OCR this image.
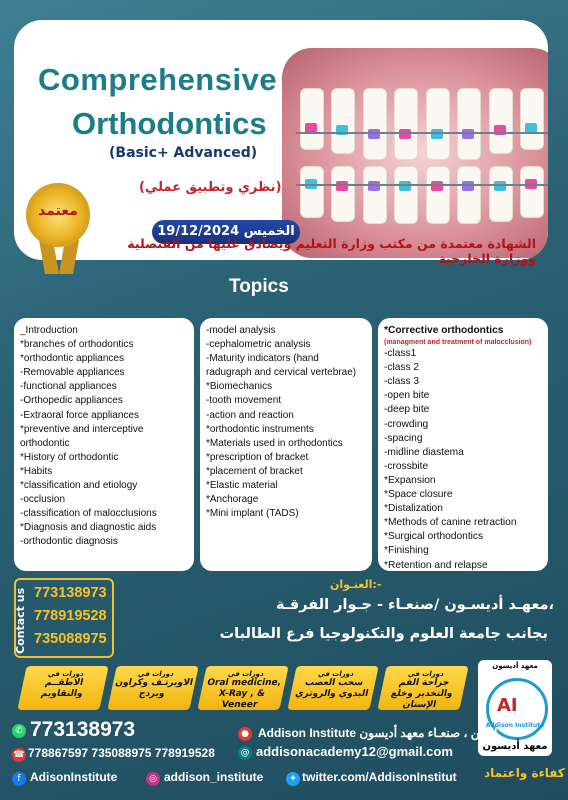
Comprehensive
Orthodontics
(Basic+ Advanced)
(نظري وتطبيق عملي)
الخميس 19/12/2024
معتمد
الشهادة معتمدة من مكتب وزارة التعليم ويصادق عليها من القنصلية ووزارة الخارجية
Topics
_Introduction
*branches of orthodontics
*orthodontic appliances
-Removable appliances
-functional appliances
-Orthopedic appliances
-Extraoral force appliances
*preventive and interceptive
orthodontic
*History of orthodontic
*Habits
*classification and etiology
-occlusion
-classification of malocclusions
*Diagnosis and diagnostic aids
-orthodontic diagnosis
-model analysis
-cephalometric analysis
-Maturity indicators (hand
radugraph and cervical vertebrae)
*Biomechanics
-tooth movement
-action and reaction
*orthodontic instruments
*Materials used in orthodontics
*prescription of bracket
*placement of bracket
*Elastic material
*Anchorage
*Mini implant (TADS)
*Corrective orthodontics
(managment and treatment of malocclusion)
-class1
-class 2
-class 3
-open bite
-deep bite
-crowding
-spacing
-midline diastema
-crossbite
*Expansion
*Space closure
*Distalization
*Methods of canine retraction
*Surgical orthodontics
*Finishing
*Retention and relapse
Contact us 773138973
778919528
735088975
العنـوان:-
معهـد أديسـون /صنعـاء - جـوار الفرقـة،
بجانب جامعة العلوم والتكنولوجيا فرع الطالبات
دورات في
جراحة الفم والتخدير وخلع الإسنان
دورات في
سحب العصب البدوي والروتري
دورات في
Oral medicine, X-Ray , & Veneer
دورات في
الاويرتـف وكراون وبردج
دورات في
الاطقــم والتقاويم
معهد أديسون
AI
Addison Institute
معهد أديسون
كفاءة واعتماد
✆ 773138973	● Addison Institute اليمن ، صنعـاء معهد أديسون
☎ 778867597 735088975 778919528	@ addisonacademy12@gmail.com
f AdisonInstitute	◎ addison_institute	✦ twitter.com/AddisonInstitut
